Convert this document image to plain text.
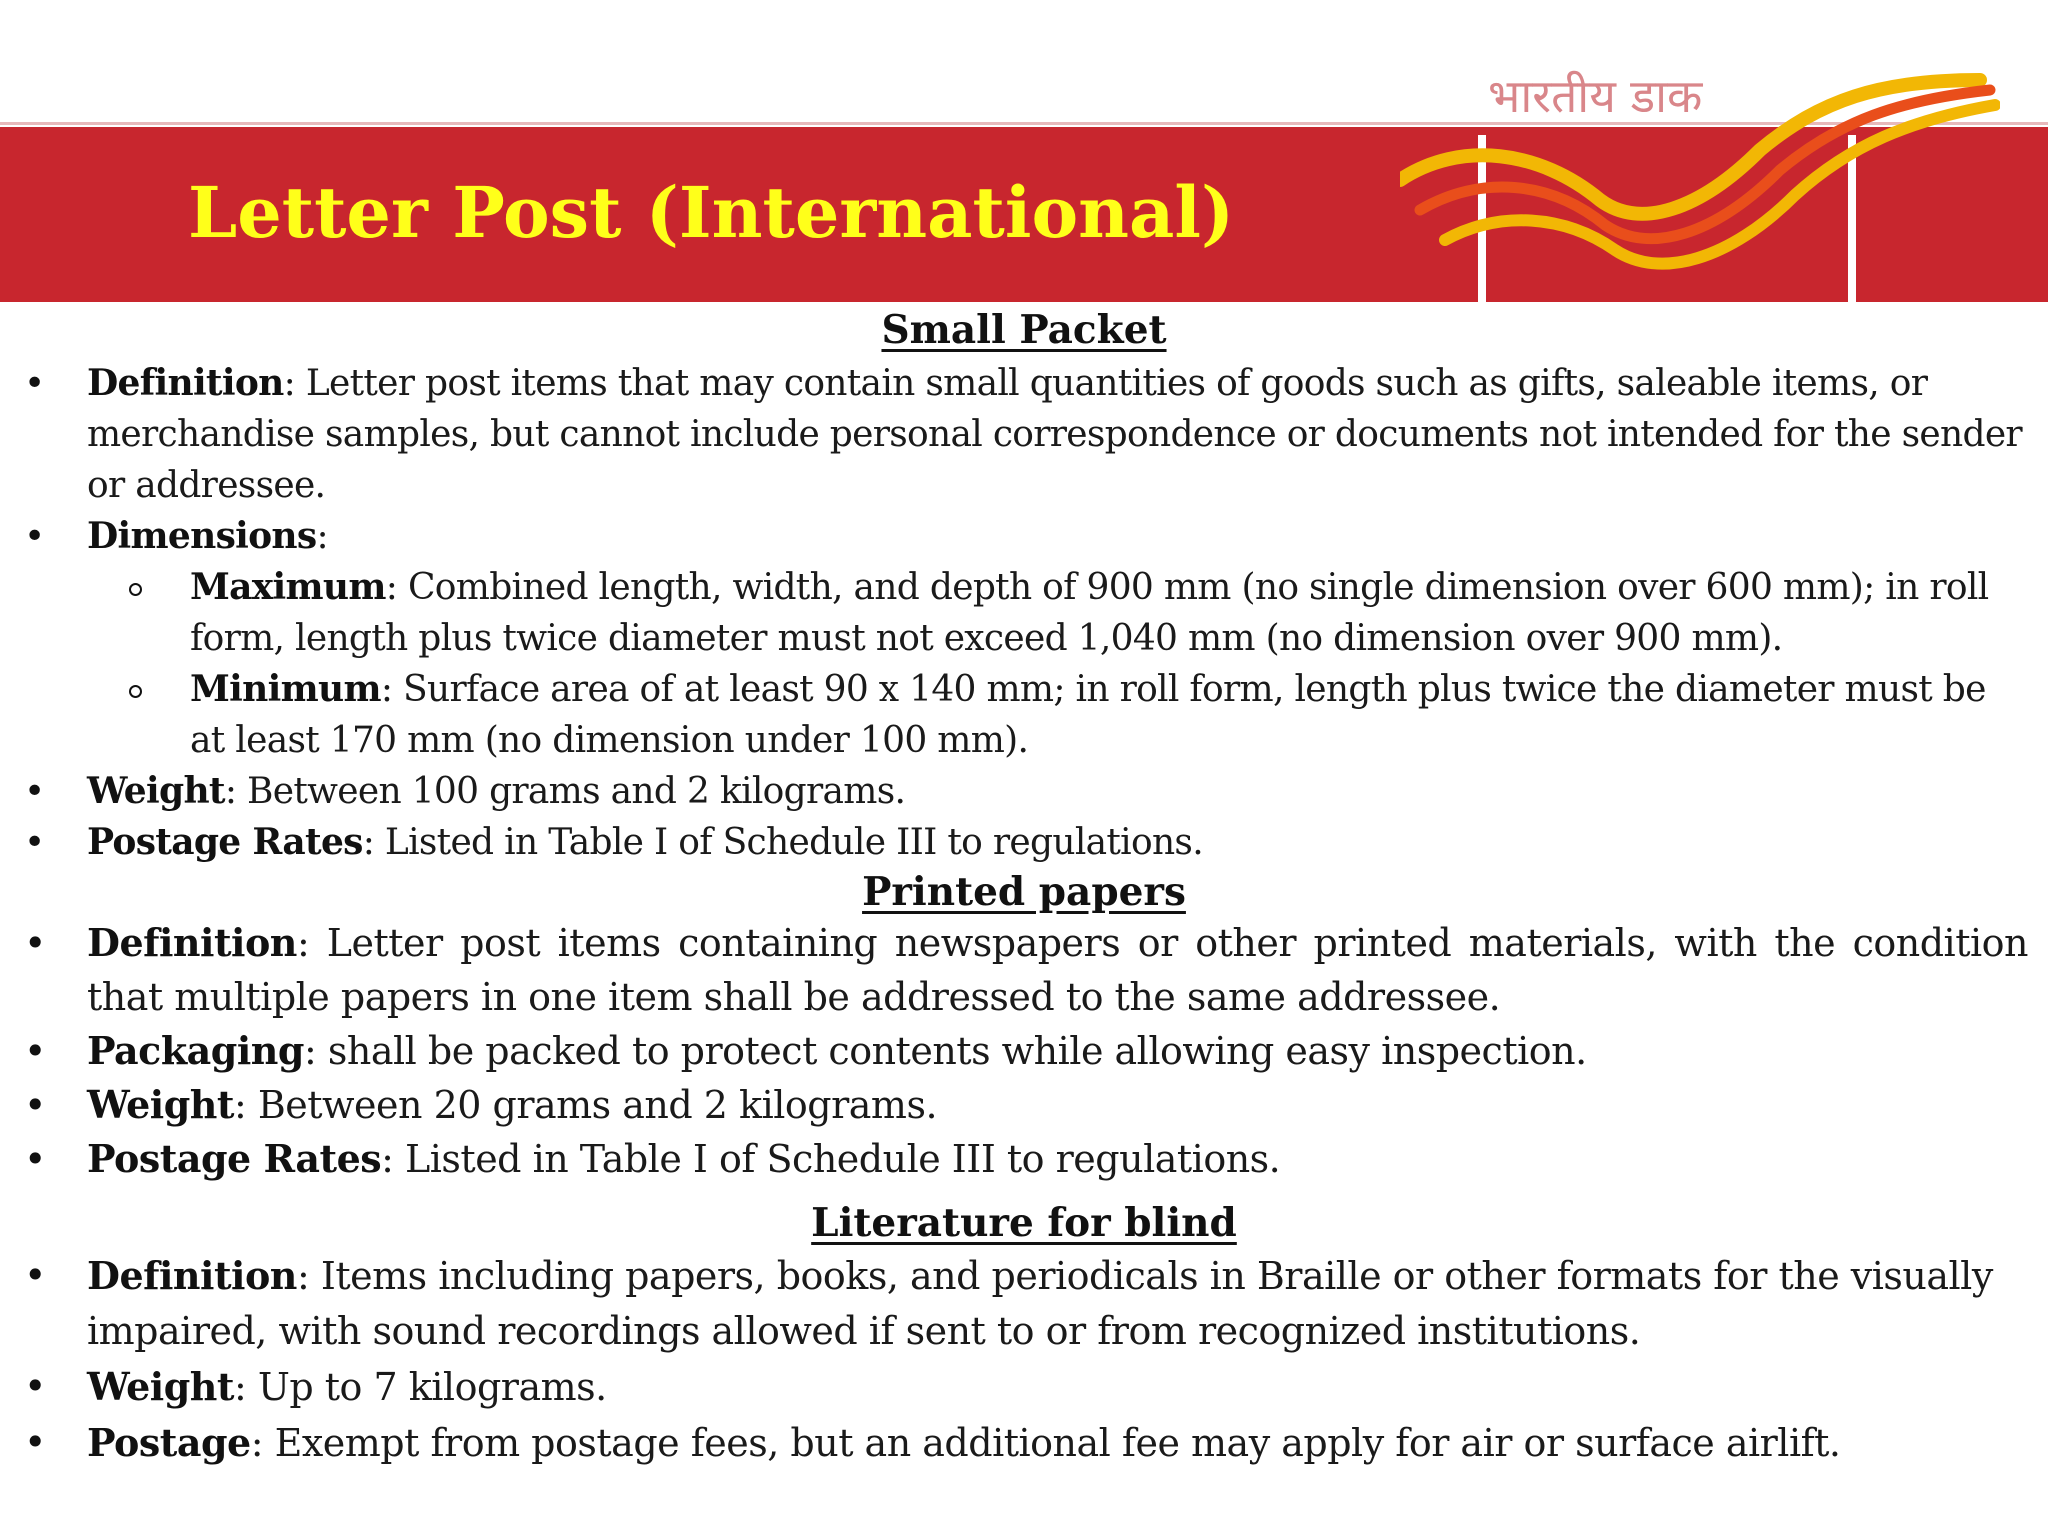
Letter Post (International)
भारतीय डाक
Small Packet
• Definition: Letter post items that may contain small quantities of goods such as gifts, saleable items, or merchandise samples, but cannot include personal correspondence or documents not intended for the sender or addressee.
• Dimensions:
Maximum: Combined length, width, and depth of 900 mm (no single dimension over 600 mm); in roll form, length plus twice diameter must not exceed 1,040 mm (no dimension over 900 mm).
Minimum: Surface area of at least 90 x 140 mm; in roll form, length plus twice the diameter must be at least 170 mm (no dimension under 100 mm).
• Weight: Between 100 grams and 2 kilograms.
• Postage Rates: Listed in Table I of Schedule III to regulations.
Printed papers
• Definition: Letter post items containing newspapers or other printed materials, with the condition that multiple papers in one item shall be addressed to the same addressee.
• Packaging: shall be packed to protect contents while allowing easy inspection.
• Weight: Between 20 grams and 2 kilograms.
• Postage Rates: Listed in Table I of Schedule III to regulations.
Literature for blind
• Definition: Items including papers, books, and periodicals in Braille or other formats for the visually impaired, with sound recordings allowed if sent to or from recognized institutions.
• Weight: Up to 7 kilograms.
• Postage: Exempt from postage fees, but an additional fee may apply for air or surface airlift.
